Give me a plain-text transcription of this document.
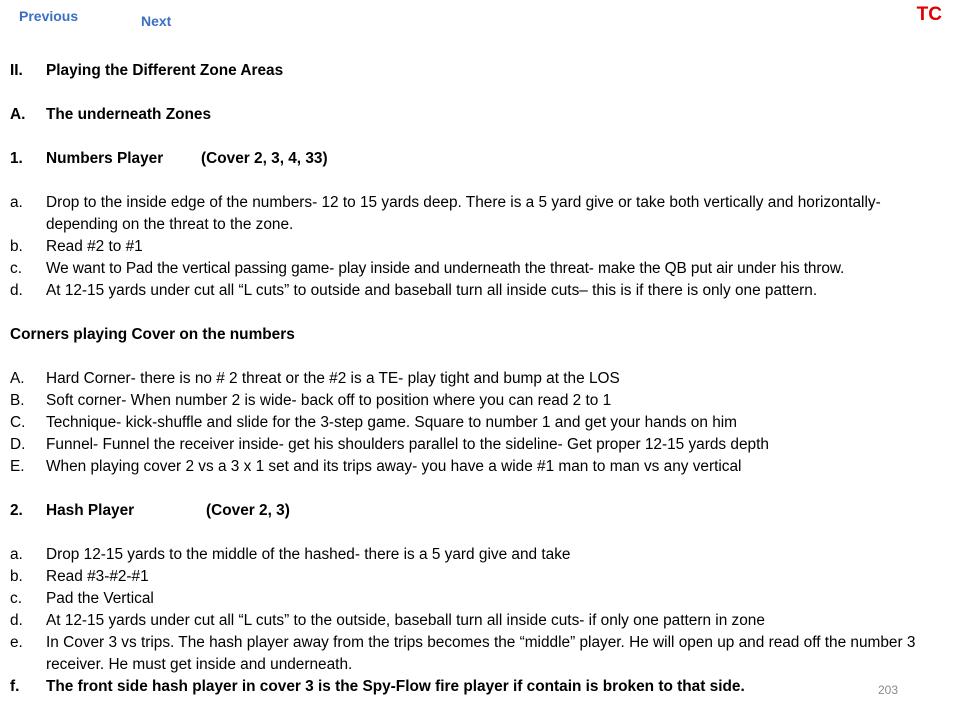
Previous	Next	TC
II.	Playing the Different Zone Areas
A.	The underneath Zones
1.	Numbers Player (Cover 2, 3, 4, 33)
a.	Drop to the inside edge of the numbers- 12 to 15 yards deep. There is a 5 yard give or take both vertically and horizontally- depending on the threat to the zone.
b.	Read #2 to #1
c.	We want to Pad the vertical passing game- play inside and underneath the threat- make the QB put air under his throw.
d.	At 12-15 yards under cut all “L cuts” to outside and baseball turn all inside cuts– this is if there is only one pattern.
Corners playing Cover on the numbers
A.	Hard Corner- there is no # 2 threat or the #2 is a TE- play tight and bump at the LOS
B.	Soft corner- When number 2 is wide- back off to position where you can read 2 to 1
C.	Technique- kick-shuffle and slide for the 3-step game. Square to number 1 and get your hands on him
D.	Funnel- Funnel the receiver inside- get his shoulders parallel to the sideline- Get proper 12-15 yards depth
E.	When playing cover 2 vs a 3 x 1 set and its trips away- you have a wide #1 man to man vs any vertical
2.	Hash Player	(Cover 2, 3)
a.	Drop 12-15 yards to the middle of the hashed- there is a 5 yard give and take
b.	Read #3-#2-#1
c.	Pad the Vertical
d.	At 12-15 yards under cut all “L cuts” to the outside, baseball turn all inside cuts- if only one pattern in zone
e.	In Cover 3 vs trips. The hash player away from the trips becomes the “middle” player. He will open up and read off the number 3 receiver. He must get inside and underneath.
f.	The front side hash player in cover 3 is the Spy-Flow fire player if contain is broken to that side.	203
